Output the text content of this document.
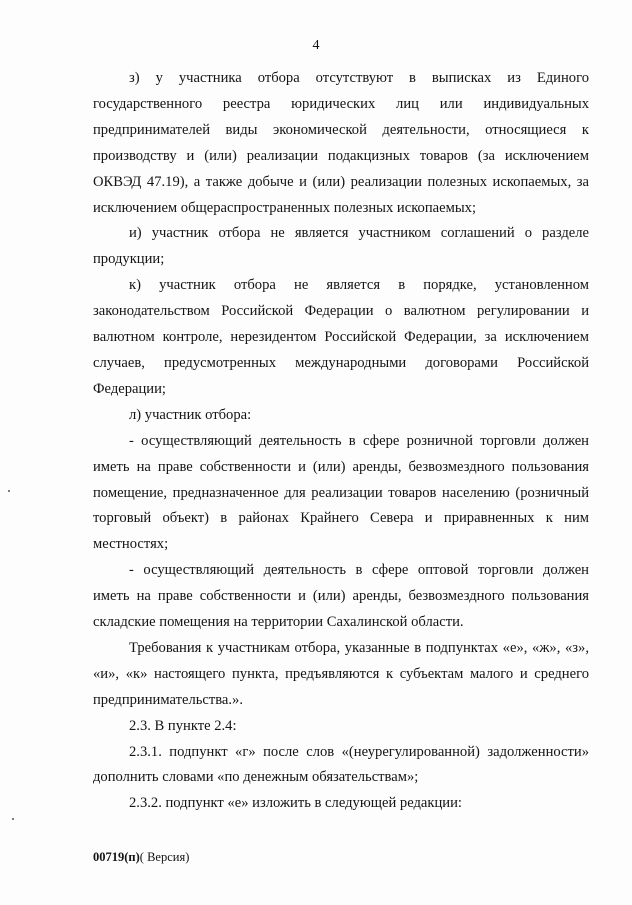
4

з) у участника отбора отсутствуют в выписках из Единого
государственного реестра юридических лиц или индивидуальных
предпринимателей виды экономической деятельности, относящиеся к
производству и (или) реализации подакцизных товаров (за исключением
ОКВЭД 47.19), а также добыче и (или) реализации полезных ископаемых, за
исключением общераспространенных полезных ископаемых;

и) участник отбора не является участником соглашений о разделе
продукции;

к) участник отбора не является в порядке, установленном
законодательством Российской Федерации о валютном регулировании и
валютном контроле, нерезидентом Российской Федерации, за исключением
случаев, предусмотренных международными договорами Российской
Федерации;

л) участник отбора:

- осуществляющий деятельность в сфере розничной торговли должен
иметь на праве собственности и (или) аренды, безвозмездного пользования
помещение, предназначенное для реализации товаров населению (розничный
торговый объект) в районах Крайнего Севера и приравненных к ним
местностях;

- осуществляющий деятельность в сфере оптовой торговли должен
иметь на праве собственности и (или) аренды, безвозмездного пользования
складские помещения на территории Сахалинской области.

Требования к участникам отбора, указанные в подпунктах «е», «ж», «з»,
«и», «к» настоящего пункта, предъявляются к субъектам малого и среднего
предпринимательства.».

2.3. В пункте 2.4:

2.3.1. подпункт «г» после слов «(неурегулированной) задолженности»
дополнить словами «по денежным обязательствам»;

2.3.2. подпункт «е» изложить в следующей редакции:

00719(п)( Версия)
